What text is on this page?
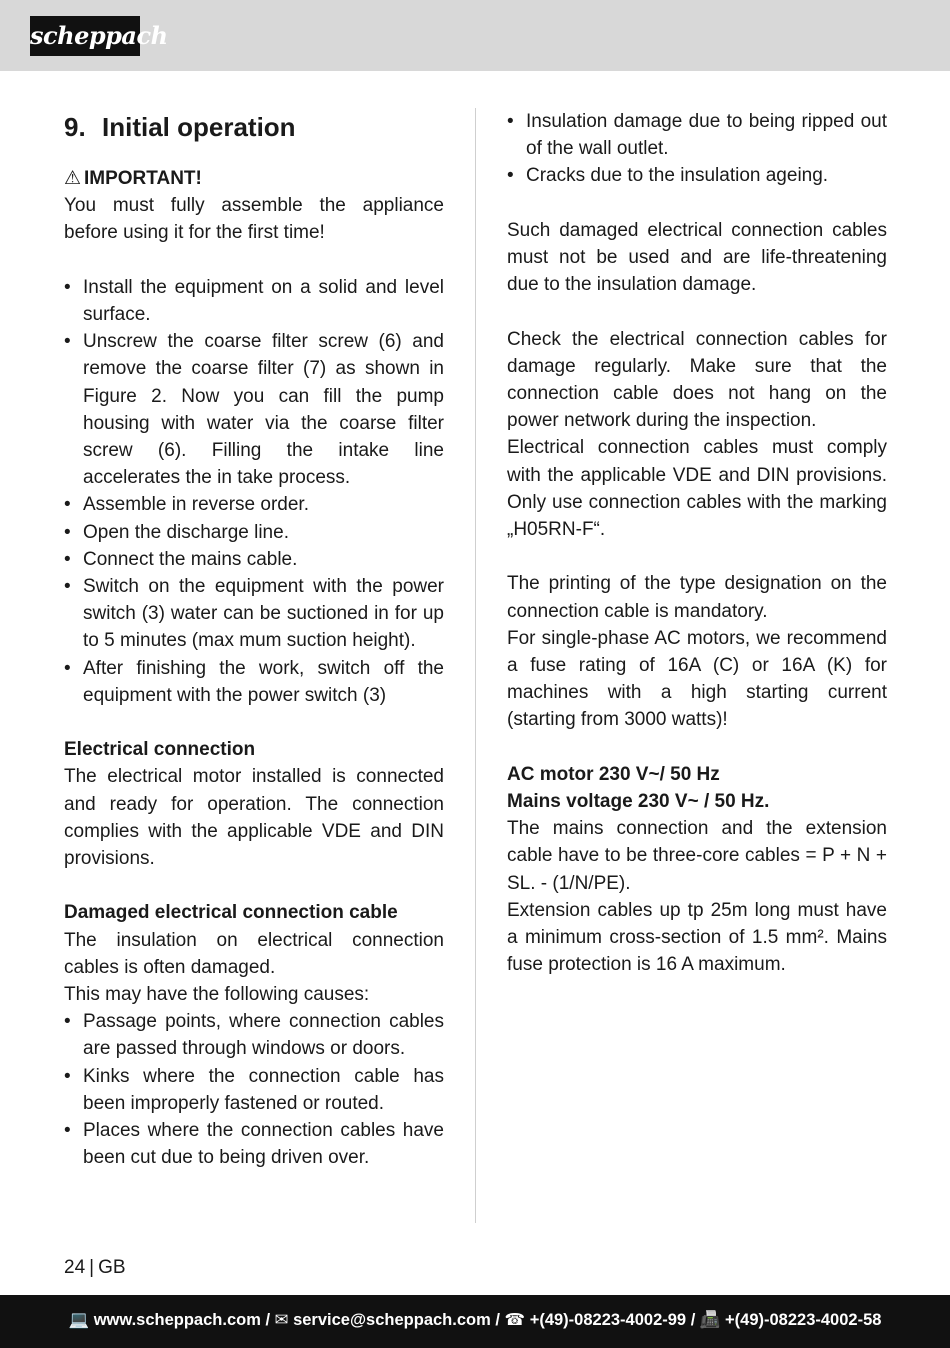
scheppach
9. Initial operation
⚠ IMPORTANT!

You must fully assemble the appliance before using it for the first time!

• Install the equipment on a solid and level surface.
• Unscrew the coarse filter screw (6) and remove the coarse filter (7) as shown in Figure 2. Now you can fill the pump housing with water via the coarse filter screw (6). Filling the intake line accelerates the in take process.
• Assemble in reverse order.
• Open the discharge line.
• Connect the mains cable.
• Switch on the equipment with the power switch (3) water can be suctioned in for up to 5 minutes (max mum suction height).
• After finishing the work, switch off the equipment with the power switch (3)

Electrical connection

The electrical motor installed is connected and ready for operation. The connection complies with the applicable VDE and DIN provisions.

Damaged electrical connection cable

The insulation on electrical connection cables is often damaged.

This may have the following causes:

• Passage points, where connection cables are passed through windows or doors.
• Kinks where the connection cable has been improperly fastened or routed.
• Places where the connection cables have been cut due to being driven over.
• Insulation damage due to being ripped out of the wall outlet.
• Cracks due to the insulation ageing.

Such damaged electrical connection cables must not be used and are life-threatening due to the insulation damage.

Check the electrical connection cables for damage regularly. Make sure that the connection cable does not hang on the power network during the inspection.

Electrical connection cables must comply with the applicable VDE and DIN provisions. Only use connection cables with the marking „H05RN-F“.

The printing of the type designation on the connection cable is mandatory.

For single-phase AC motors, we recommend a fuse rating of 16A (C) or 16A (K) for machines with a high starting current (starting from 3000 watts)!

AC motor 230 V~/ 50 Hz

Mains voltage 230 V~ / 50 Hz.

The mains connection and the extension cable have to be three-core cables = P + N + SL. - (1/N/PE).

Extension cables up tp 25m long must have a minimum cross-section of 1.5 mm². Mains fuse protection is 16 A maximum.

24 | GB
💻 www.scheppach.com / ✉ service@scheppach.com / ☎ +(49)-08223-4002-99 / 📠 +(49)-08223-4002-58
